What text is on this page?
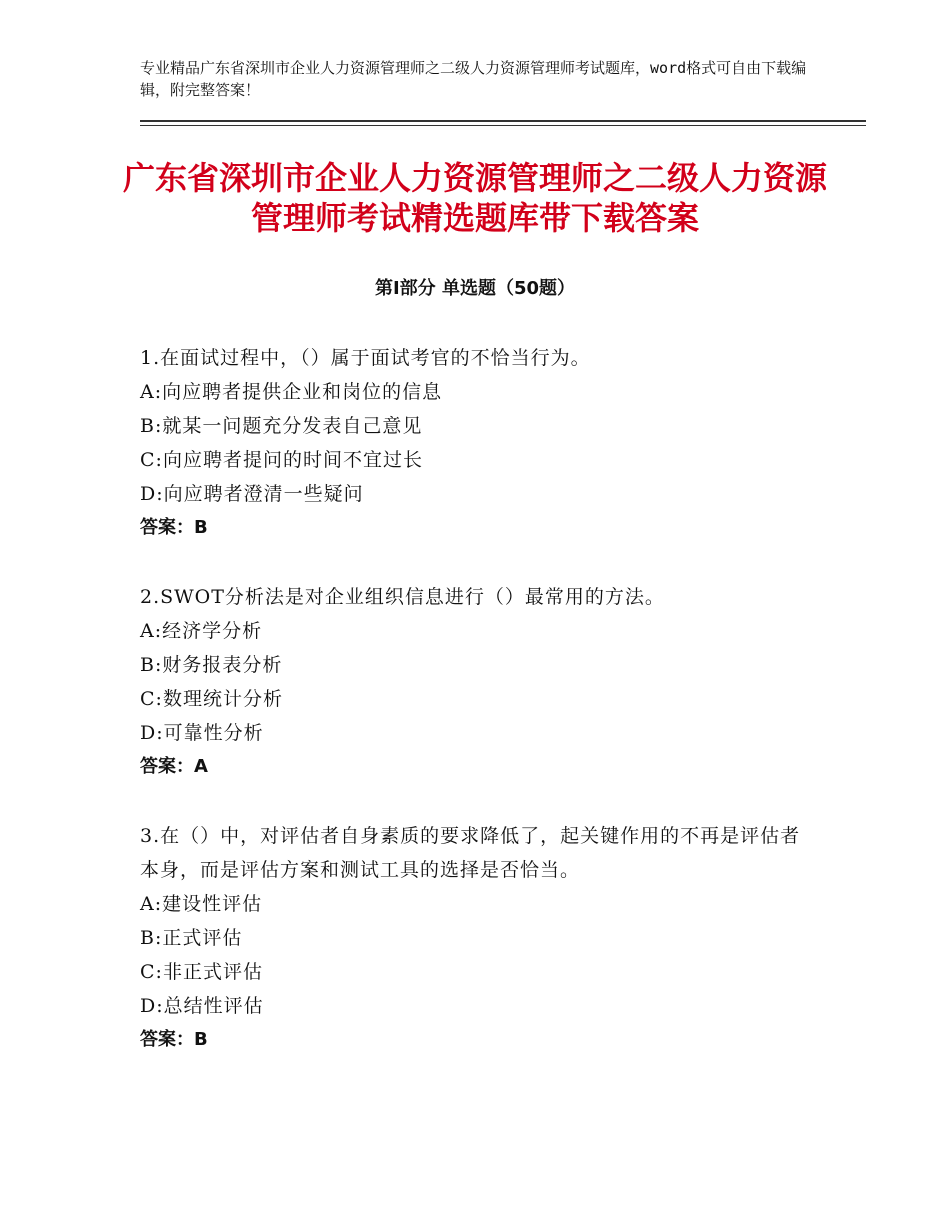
专业精品广东省深圳市企业人力资源管理师之二级人力资源管理师考试题库，word格式可自由下载编辑，附完整答案！
广东省深圳市企业人力资源管理师之二级人力资源管理师考试精选题库带下载答案
第Ⅰ部分 单选题（50题）
1.在面试过程中，（）属于面试考官的不恰当行为。
A:向应聘者提供企业和岗位的信息
B:就某一问题充分发表自己意见
C:向应聘者提问的时间不宜过长
D:向应聘者澄清一些疑问
答案：B
2.SWOT分析法是对企业组织信息进行（）最常用的方法。
A:经济学分析
B:财务报表分析
C:数理统计分析
D:可靠性分析
答案：A
3.在（）中，对评估者自身素质的要求降低了，起关键作用的不再是评估者本身，而是评估方案和测试工具的选择是否恰当。
A:建设性评估
B:正式评估
C:非正式评估
D:总结性评估
答案：B
